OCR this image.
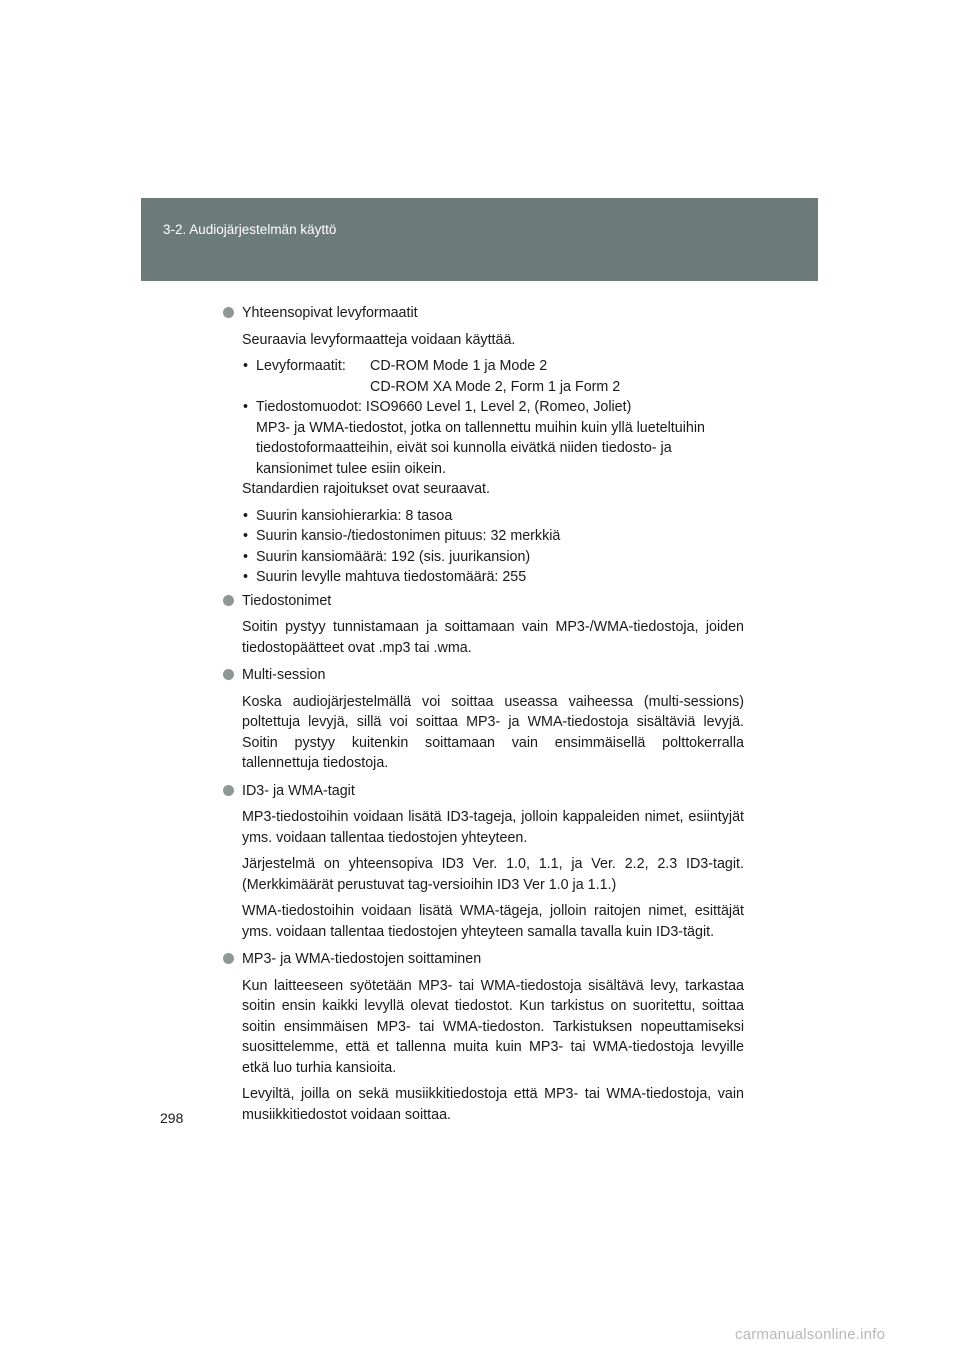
3-2. Audiojärjestelmän käyttö
Yhteensopivat levyformaatit
Seuraavia levyformaatteja voidaan käyttää.
• Levyformaatit:	CD-ROM Mode 1 ja Mode 2
CD-ROM XA Mode 2, Form 1 ja Form 2
• Tiedostomuodot: ISO9660 Level 1, Level 2, (Romeo, Joliet)
MP3- ja WMA-tiedostot, jotka on tallennettu muihin kuin yllä lueteltuihin tiedostoformaatteihin, eivät soi kunnolla eivätkä niiden tiedosto- ja kansionimet tulee esiin oikein.
Standardien rajoitukset ovat seuraavat.
• Suurin kansiohierarkia: 8 tasoa
• Suurin kansio-/tiedostonimen pituus: 32 merkkiä
• Suurin kansiomäärä: 192 (sis. juurikansion)
• Suurin levylle mahtuva tiedostomäärä: 255
Tiedostonimet
Soitin pystyy tunnistamaan ja soittamaan vain MP3-/WMA-tiedostoja, joiden tiedostopäätteet ovat .mp3 tai .wma.
Multi-session
Koska audiojärjestelmällä voi soittaa useassa vaiheessa (multi-sessions) poltettuja levyjä, sillä voi soittaa MP3- ja WMA-tiedostoja sisältäviä levyjä. Soitin pystyy kuitenkin soittamaan vain ensimmäisellä polttokerralla tallennettuja tiedostoja.
ID3- ja WMA-tagit
MP3-tiedostoihin voidaan lisätä ID3-tageja, jolloin kappaleiden nimet, esiintyjät yms. voidaan tallentaa tiedostojen yhteyteen.
Järjestelmä on yhteensopiva ID3 Ver. 1.0, 1.1, ja Ver. 2.2, 2.3 ID3-tagit. (Merkkimäärät perustuvat tag-versioihin ID3 Ver 1.0 ja 1.1.)
WMA-tiedostoihin voidaan lisätä WMA-tägeja, jolloin raitojen nimet, esittäjät yms. voidaan tallentaa tiedostojen yhteyteen samalla tavalla kuin ID3-tägit.
MP3- ja WMA-tiedostojen soittaminen
Kun laitteeseen syötetään MP3- tai WMA-tiedostoja sisältävä levy, tarkastaa soitin ensin kaikki levyllä olevat tiedostot. Kun tarkistus on suoritettu, soittaa soitin ensimmäisen MP3- tai WMA-tiedoston. Tarkistuksen nopeuttamiseksi suosittelemme, että et tallenna muita kuin MP3- tai WMA-tiedostoja levyille etkä luo turhia kansioita.
Levyiltä, joilla on sekä musiikkitiedostoja että MP3- tai WMA-tiedostoja, vain musiikkitiedostot voidaan soittaa.
298
carmanualsonline.info
